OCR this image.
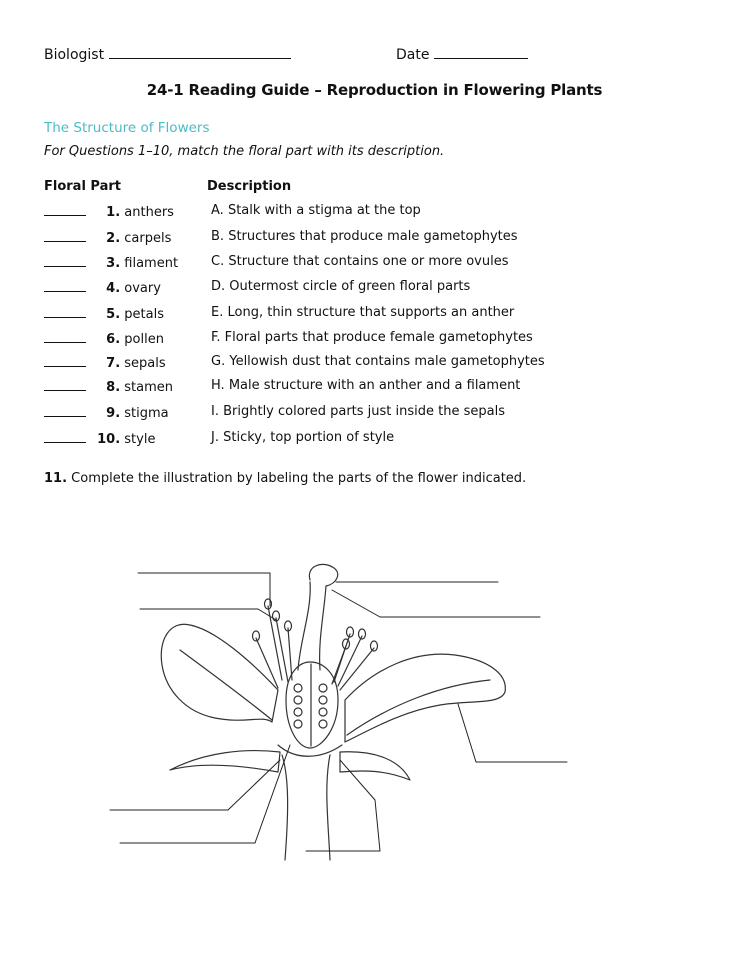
Biologist	Date
24-1 Reading Guide – Reproduction in Flowering Plants
The Structure of Flowers
For Questions 1–10, match the floral part with its description.
Floral Part	Description
1. anthers	A. Stalk with a stigma at the top
2. carpels	B. Structures that produce male gametophytes
3. filament	C. Structure that contains one or more ovules
4. ovary	D. Outermost circle of green floral parts
5. petals	E. Long, thin structure that supports an anther
6. pollen	F. Floral parts that produce female gametophytes
7. sepals	G. Yellowish dust that contains male gametophytes
8. stamen	H. Male structure with an anther and a filament
9. stigma	I. Brightly colored parts just inside the sepals
10. style	J. Sticky, top portion of style
11. Complete the illustration by labeling the parts of the flower indicated.
